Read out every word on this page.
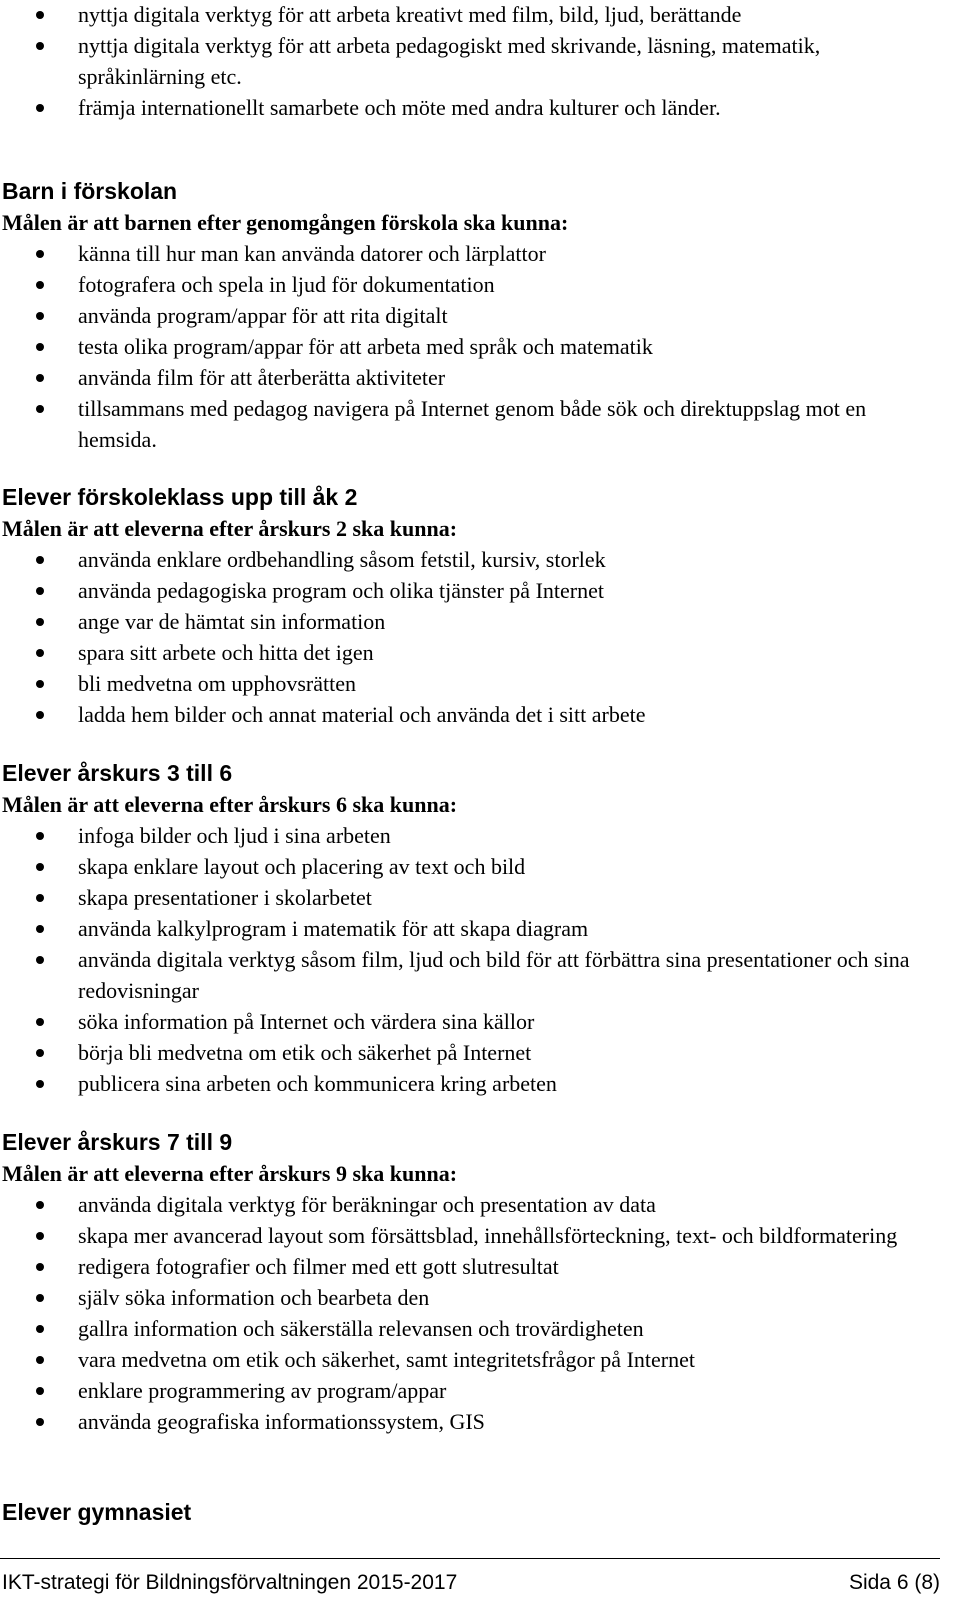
nyttja digitala verktyg för att arbeta kreativt med film, bild, ljud, berättande
nyttja digitala verktyg för att arbeta pedagogiskt med skrivande, läsning, matematik, språkinlärning etc.
främja internationellt samarbete och möte med andra kulturer och länder.
Barn i förskolan
Målen är att barnen efter genomgången förskola ska kunna:
känna till hur man kan använda datorer och lärplattor
fotografera och spela in ljud för dokumentation
använda program/appar för att rita digitalt
testa olika program/appar för att arbeta med språk och matematik
använda film för att återberätta aktiviteter
tillsammans med pedagog navigera på Internet genom både sök och direktuppslag mot en hemsida.
Elever förskoleklass upp till åk 2
Målen är att eleverna efter årskurs 2 ska kunna:
använda enklare ordbehandling såsom fetstil, kursiv, storlek
använda pedagogiska program och olika tjänster på Internet
ange var de hämtat sin information
spara sitt arbete och hitta det igen
bli medvetna om upphovsrätten
ladda hem bilder och annat material och använda det i sitt arbete
Elever årskurs 3 till 6
Målen är att eleverna efter årskurs 6 ska kunna:
infoga bilder och ljud i sina arbeten
skapa enklare layout och placering av text och bild
skapa presentationer i skolarbetet
använda kalkylprogram i matematik för att skapa diagram
använda digitala verktyg såsom film, ljud och bild för att förbättra sina presentationer och sina redovisningar
söka information på Internet och värdera sina källor
börja bli medvetna om etik och säkerhet på Internet
publicera sina arbeten och kommunicera kring arbeten
Elever årskurs 7 till 9
Målen är att eleverna efter årskurs 9 ska kunna:
använda digitala verktyg för beräkningar och presentation av data
skapa mer avancerad layout som försättsblad, innehållsförteckning, text- och bildformatering
redigera fotografier och filmer med ett gott slutresultat
själv söka information och bearbeta den
gallra information och säkerställa relevansen och trovärdigheten
vara medvetna om etik och säkerhet, samt integritetsfrågor på Internet
enklare programmering av program/appar
använda geografiska informationssystem, GIS
Elever gymnasiet
IKT-strategi för Bildningsförvaltningen 2015-2017	Sida 6 (8)
